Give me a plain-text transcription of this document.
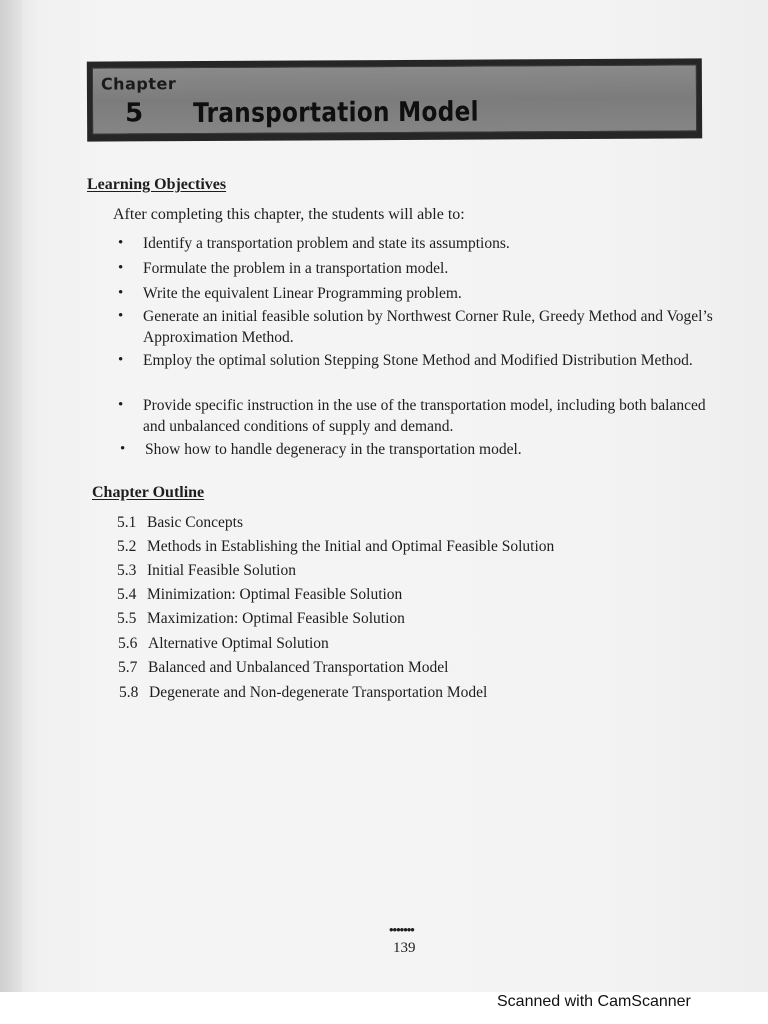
Chapter
5 Transportation Model
Learning Objectives
After completing this chapter, the students will able to:
• Identify a transportation problem and state its assumptions.
• Formulate the problem in a transportation model.
• Write the equivalent Linear Programming problem.
• Generate an initial feasible solution by Northwest Corner Rule, Greedy Method and Vogel’s Approximation Method.
• Employ the optimal solution Stepping Stone Method and Modified Distribution Method.
• Provide specific instruction in the use of the transportation model, including both balanced and unbalanced conditions of supply and demand.
• Show how to handle degeneracy in the transportation model.
Chapter Outline
5.1 Basic Concepts
5.2 Methods in Establishing the Initial and Optimal Feasible Solution
5.3 Initial Feasible Solution
5.4 Minimization: Optimal Feasible Solution
5.5 Maximization: Optimal Feasible Solution
5.6 Alternative Optimal Solution
5.7 Balanced and Unbalanced Transportation Model
5.8 Degenerate and Non-degenerate Transportation Model
•••••••
139
Scanned with CamScanner
